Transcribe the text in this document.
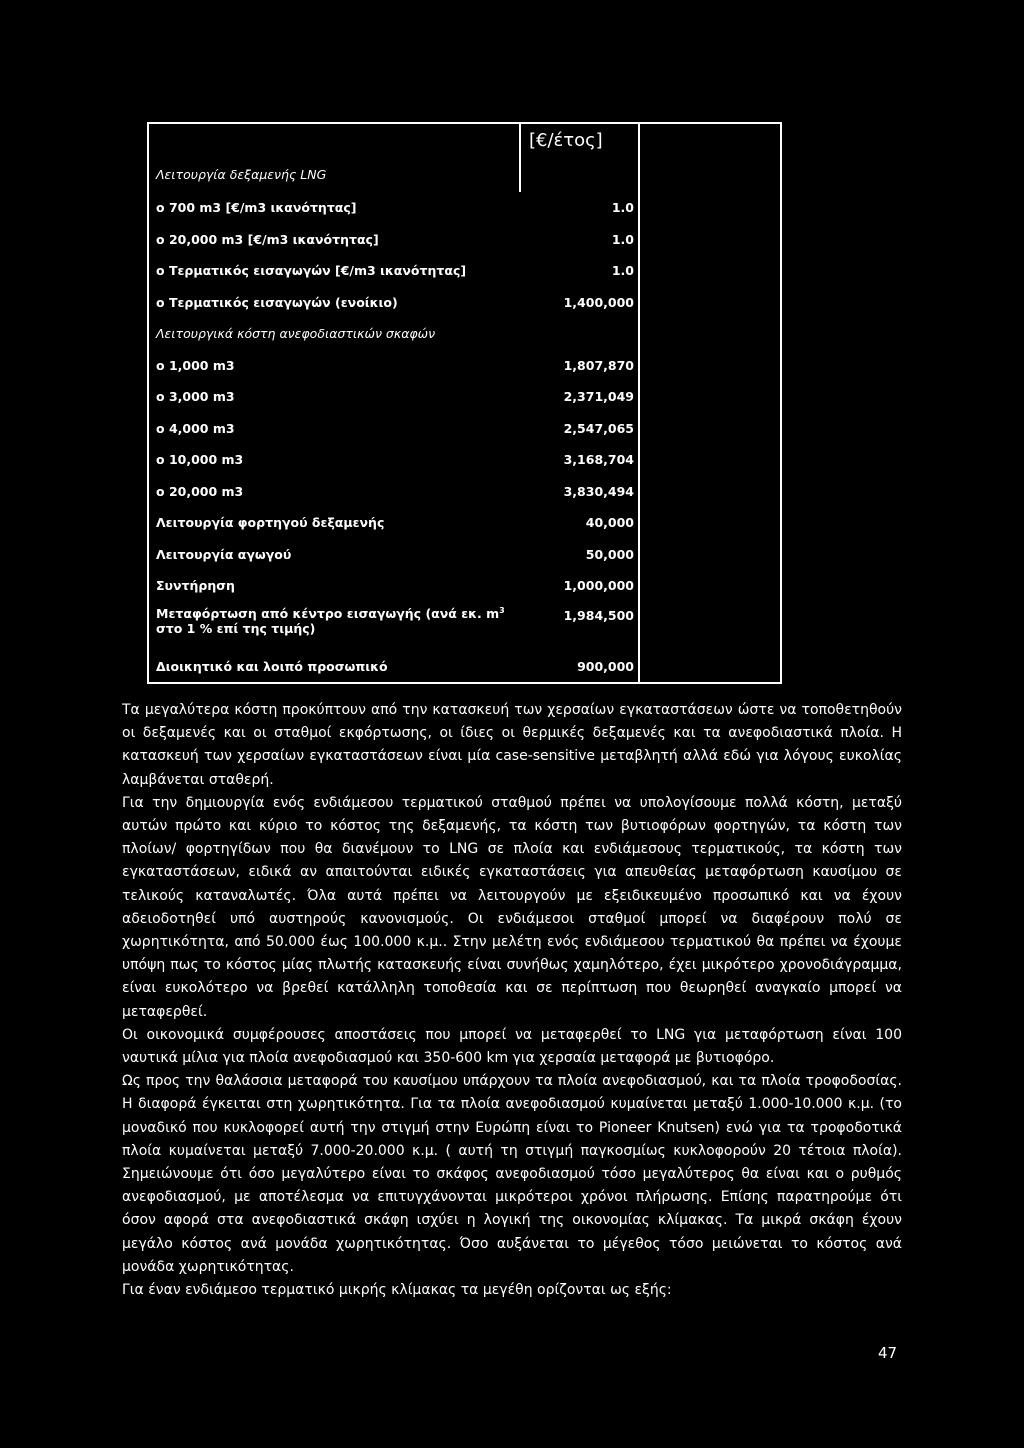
Λειτουργία δεξαμενής LNG	[€/έτος]	
o 700 m3 [€/m3 ικανότητας]	1.0	
o 20,000 m3 [€/m3 ικανότητας]	1.0	
o Τερματικός εισαγωγών [€/m3 ικανότητας]	1.0	
o Τερματικός εισαγωγών (ενοίκιο)	1,400,000	
Λειτουργικά κόστη ανεφοδιαστικών σκαφών		
o 1,000 m3	1,807,870	
o 3,000 m3	2,371,049	
o 4,000 m3	2,547,065	
o 10,000 m3	3,168,704	
o 20,000 m3	3,830,494	
Λειτουργία φορτηγού δεξαμενής	40,000	
Λειτουργία αγωγού	50,000	
Συντήρηση	1,000,000	
Μεταφόρτωση από κέντρο εισαγωγής (ανά εκ. $m^3$
στο 1 % επί της τιμής)	1,984,500	
Διοικητικό και λοιπό προσωπικό	900,000	

Τα μεγαλύτερα κόστη προκύπτουν από την κατασκευή των χερσαίων εγκαταστάσεων ώστε να τοποθετηθούν οι δεξαμενές και οι σταθμοί εκφόρτωσης, οι ίδιες οι θερμικές δεξαμενές και τα ανεφοδιαστικά πλοία. Η κατασκευή των χερσαίων εγκαταστάσεων είναι μία case-sensitive μεταβλητή αλλά εδώ για λόγους ευκολίας λαμβάνεται σταθερή.

Για την δημιουργία ενός ενδιάμεσου τερματικού σταθμού πρέπει να υπολογίσουμε πολλά κόστη, μεταξύ αυτών πρώτο και κύριο το κόστος της δεξαμενής, τα κόστη των βυτιοφόρων φορτηγών, τα κόστη των πλοίων/ φορτηγίδων που θα διανέμουν το LNG σε πλοία και ενδιάμεσους τερματικούς, τα κόστη των εγκαταστάσεων, ειδικά αν απαιτούνται ειδικές εγκαταστάσεις για απευθείας μεταφόρτωση καυσίμου σε τελικούς καταναλωτές. Όλα αυτά πρέπει να λειτουργούν με εξειδικευμένο προσωπικό και να έχουν αδειοδοτηθεί υπό αυστηρούς κανονισμούς. Οι ενδιάμεσοι σταθμοί μπορεί να διαφέρουν πολύ σε χωρητικότητα, από 50.000 έως 100.000 κ.μ.. Στην μελέτη ενός ενδιάμεσου τερματικού θα πρέπει να έχουμε υπόψη πως το κόστος μίας πλωτής κατασκευής είναι συνήθως χαμηλότερο, έχει μικρότερο χρονοδιάγραμμα, είναι ευκολότερο να βρεθεί κατάλληλη τοποθεσία και σε περίπτωση που θεωρηθεί αναγκαίο μπορεί να μεταφερθεί.

Οι οικονομικά συμφέρουσες αποστάσεις που μπορεί να μεταφερθεί το LNG για μεταφόρτωση είναι 100 ναυτικά μίλια για πλοία ανεφοδιασμού και 350-600 km για χερσαία μεταφορά με βυτιοφόρο.

Ως προς την θαλάσσια μεταφορά του καυσίμου υπάρχουν τα πλοία ανεφοδιασμού, και τα πλοία τροφοδοσίας. Η διαφορά έγκειται στη χωρητικότητα. Για τα πλοία ανεφοδιασμού κυμαίνεται μεταξύ 1.000-10.000 κ.μ. (το μοναδικό που κυκλοφορεί αυτή την στιγμή στην Ευρώπη είναι το Pioneer Knutsen) ενώ για τα τροφοδοτικά πλοία κυμαίνεται μεταξύ 7.000-20.000 κ.μ. ( αυτή τη στιγμή παγκοσμίως κυκλοφορούν 20 τέτοια πλοία). Σημειώνουμε ότι όσο μεγαλύτερο είναι το σκάφος ανεφοδιασμού τόσο μεγαλύτερος θα είναι και ο ρυθμός ανεφοδιασμού, με αποτέλεσμα να επιτυγχάνονται μικρότεροι χρόνοι πλήρωσης. Επίσης παρατηρούμε ότι όσον αφορά στα ανεφοδιαστικά σκάφη ισχύει η λογική της οικονομίας κλίμακας. Τα μικρά σκάφη έχουν μεγάλο κόστος ανά μονάδα χωρητικότητας. Όσο αυξάνεται το μέγεθος τόσο μειώνεται το κόστος ανά μονάδα χωρητικότητας.

Για έναν ενδιάμεσο τερματικό μικρής κλίμακας τα μεγέθη ορίζονται ως εξής:

47
